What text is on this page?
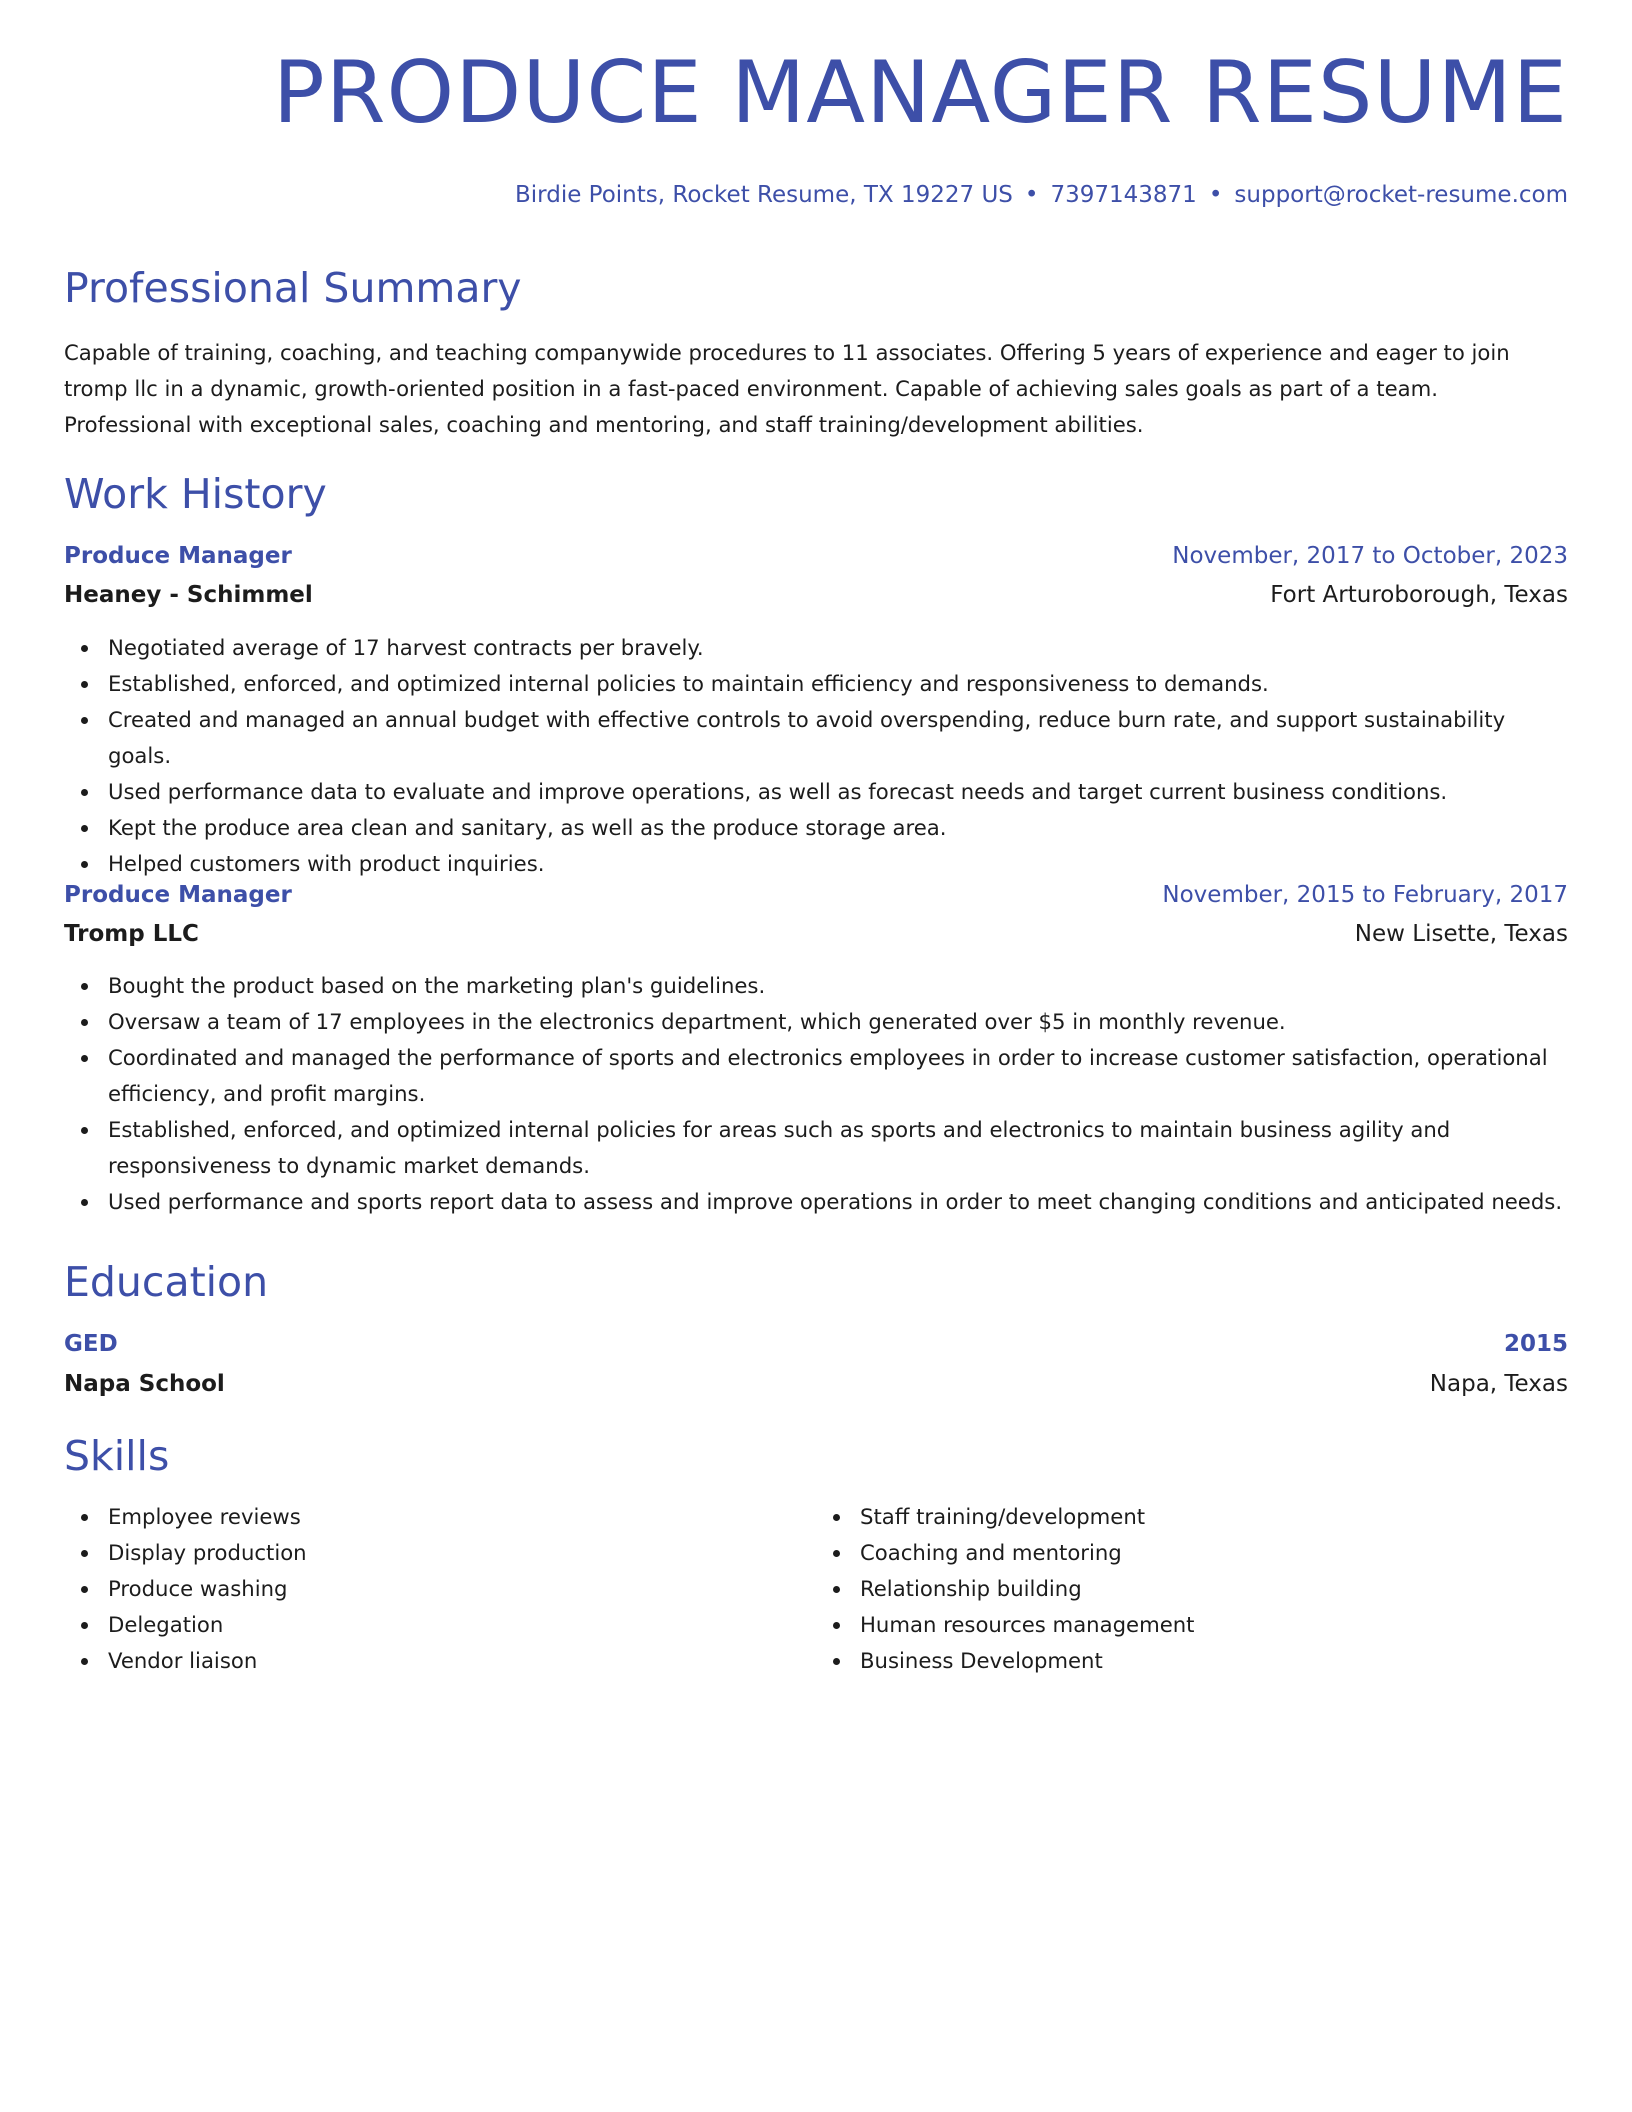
PRODUCE MANAGER RESUME
Birdie Points, Rocket Resume, TX 19227 US • 7397143871 • support@rocket-resume.com
Professional Summary

Capable of training, coaching, and teaching companywide procedures to 11 associates. Offering 5 years of experience and eager to join tromp llc in a dynamic, growth-oriented position in a fast-paced environment. Capable of achieving sales goals as part of a team. Professional with exceptional sales, coaching and mentoring, and staff training/development abilities.

Work History
Produce Manager	November, 2017 to October, 2023
Heaney - Schimmel	Fort Arturoborough, Texas
Negotiated average of 17 harvest contracts per bravely.
Established, enforced, and optimized internal policies to maintain efficiency and responsiveness to demands.
Created and managed an annual budget with effective controls to avoid overspending, reduce burn rate, and support sustainability goals.
Used performance data to evaluate and improve operations, as well as forecast needs and target current business conditions.
Kept the produce area clean and sanitary, as well as the produce storage area.
Helped customers with product inquiries.
Produce Manager	November, 2015 to February, 2017
Tromp LLC	New Lisette, Texas
Bought the product based on the marketing plan's guidelines.
Oversaw a team of 17 employees in the electronics department, which generated over $5 in monthly revenue.
Coordinated and managed the performance of sports and electronics employees in order to increase customer satisfaction, operational efficiency, and profit margins.
Established, enforced, and optimized internal policies for areas such as sports and electronics to maintain business agility and responsiveness to dynamic market demands.
Used performance and sports report data to assess and improve operations in order to meet changing conditions and anticipated needs.
Education
GED	2015
Napa School	Napa, Texas
Skills
Employee reviews
Display production
Produce washing
Delegation
Vendor liaison
Staff training/development
Coaching and mentoring
Relationship building
Human resources management
Business Development
